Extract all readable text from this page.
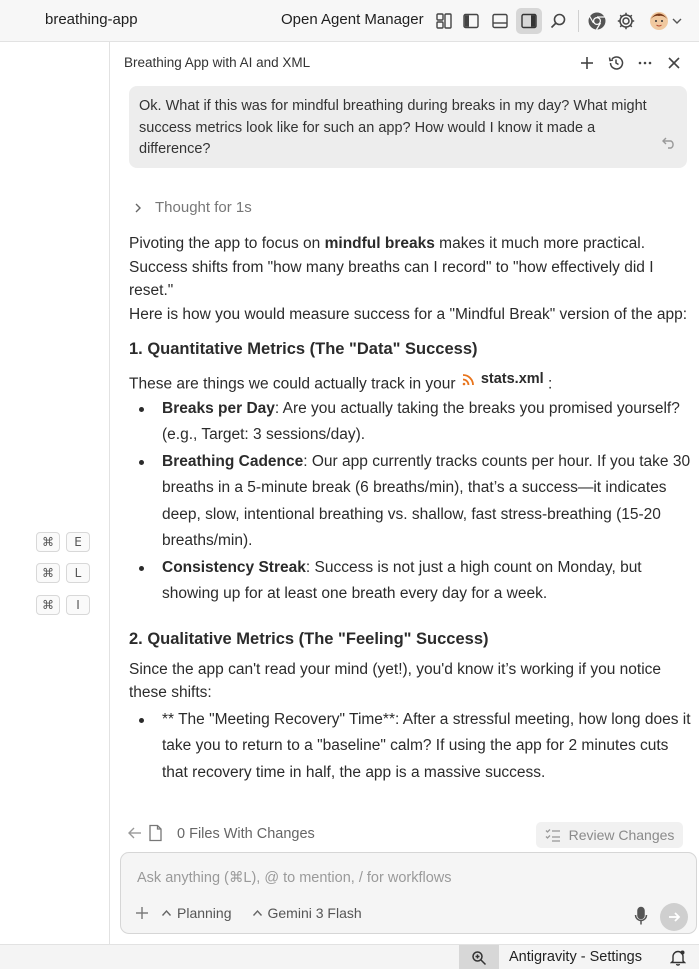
breathing-app	Open Agent Manager
⌘	E
⌘	L
⌘	I
Breathing App with AI and XML
Ok. What if this was for mindful breathing during breaks in my day? What might success metrics look like for such an app? How would I know it made a difference?
Thought for 1s

Pivoting the app to focus on mindful breaks makes it much more practical. Success shifts from "how many breaths can I record" to "how effectively did I reset."

Here is how you would measure success for a "Mindful Break" version of the app:

1. Quantitative Metrics (The "Data" Success)

These are things we could actually track in your stats.xml :

Breaks per Day: Are you actually taking the breaks you promised yourself? (e.g., Target: 3 sessions/day).
Breathing Cadence: Our app currently tracks counts per hour. If you take 30 breaths in a 5-minute break (6 breaths/min), that’s a success—it indicates deep, slow, intentional breathing vs. shallow, fast stress-breathing (15-20 breaths/min).
Consistency Streak: Success is not just a high count on Monday, but showing up for at least one breath every day for a week.
2. Qualitative Metrics (The "Feeling" Success)

Since the app can't read your mind (yet!), you'd know it’s working if you notice these shifts:

** The "Meeting Recovery" Time**: After a stressful meeting, how long does it take you to return to a "baseline" calm? If using the app for 2 minutes cuts that recovery time in half, the app is a massive success.
0 Files With Changes	Review Changes
Ask anything (⌘L), @ to mention, / for workflows
Planning	Gemini 3 Flash
Antigravity - Settings
